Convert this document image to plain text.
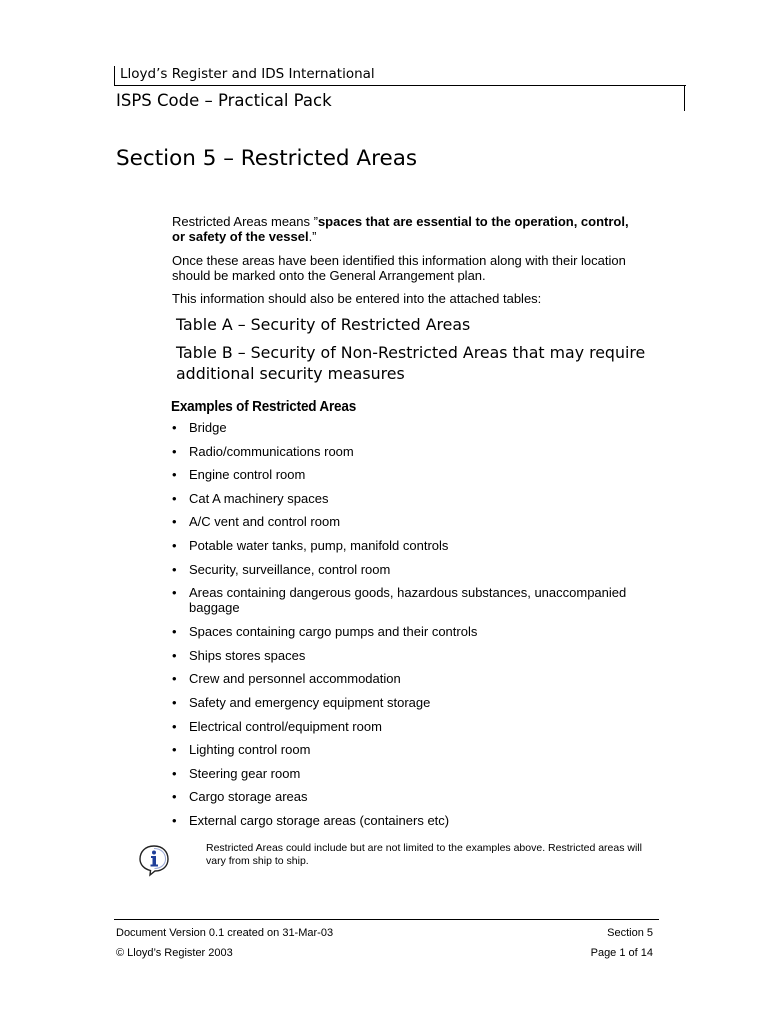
Lloyd’s Register and IDS International
ISPS Code – Practical Pack
Section 5 – Restricted Areas
Restricted Areas means ”spaces that are essential to the operation, control, or safety of the vessel.”
Once these areas have been identified this information along with their location should be marked onto the General Arrangement plan.
This information should also be entered into the attached tables:
Table A – Security of Restricted Areas
Table B – Security of Non-Restricted Areas that may require additional security measures
Examples of Restricted Areas
• Bridge
• Radio/communications room
• Engine control room
• Cat A machinery spaces
• A/C vent and control room
• Potable water tanks, pump, manifold controls
• Security, surveillance, control room
• Areas containing dangerous goods, hazardous substances, unaccompanied baggage
• Spaces containing cargo pumps and their controls
• Ships stores spaces
• Crew and personnel accommodation
• Safety and emergency equipment storage
• Electrical control/equipment room
• Lighting control room
• Steering gear room
• Cargo storage areas
• External cargo storage areas (containers etc)
Restricted Areas could include but are not limited to the examples above. Restricted areas will vary from ship to ship.
Document Version 0.1 created on 31-Mar-03	Section 5
© Lloyd’s Register 2003	Page 1 of 14
